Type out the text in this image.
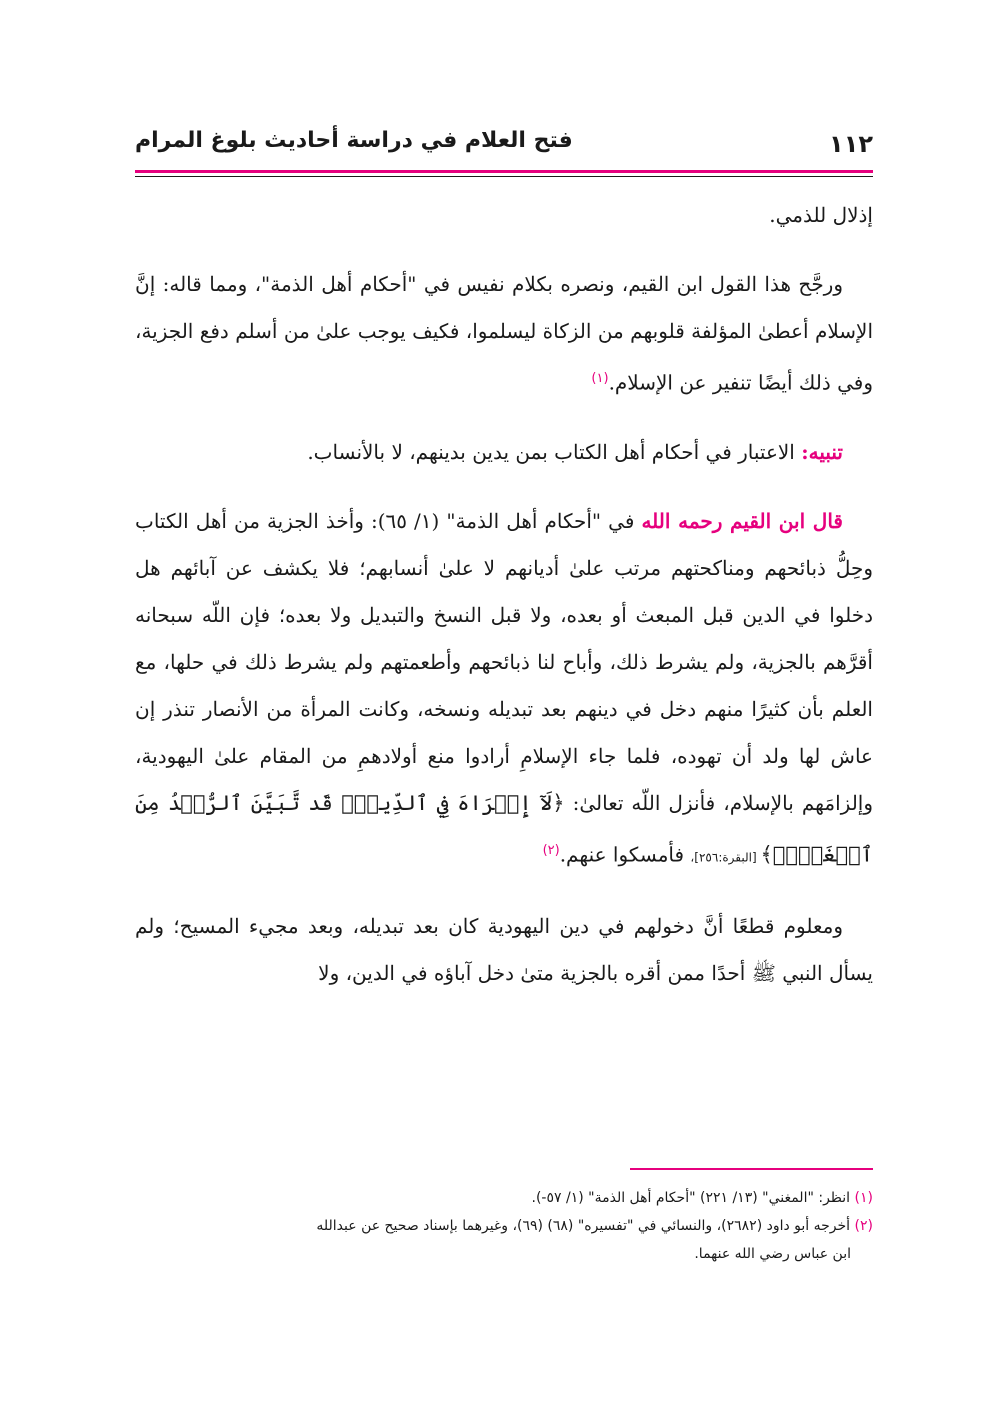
١١٢
فتح العلام في دراسة أحاديث بلوغ المرام

إذلال للذمي.

ورجَّح هذا القول ابن القيم، ونصره بكلام نفيس في "أحكام أهل الذمة"، ومما قاله: إنَّ الإسلام أعطىٰ المؤلفة قلوبهم من الزكاة ليسلموا، فكيف يوجب علىٰ من أسلم دفع الجزية، وفي ذلك أيضًا تنفير عن الإسلام.$^{(١)}$

تنبيه: الاعتبار في أحكام أهل الكتاب بمن يدين بدينهم، لا بالأنساب.

قال ابن القيم رحمه الله في "أحكام أهل الذمة" (١/ ٦٥): وأخذ الجزية من أهل الكتاب وحِلُّ ذبائحهم ومناكحتهم مرتب علىٰ أديانهم لا علىٰ أنسابهم؛ فلا يكشف عن آبائهم هل دخلوا في الدين قبل المبعث أو بعده، ولا قبل النسخ والتبديل ولا بعده؛ فإن اللّه سبحانه أقرَّهم بالجزية، ولم يشرط ذلك، وأباح لنا ذبائحهم وأطعمتهم ولم يشرط ذلك في حلها، مع العلم بأن كثيرًا منهم دخل في دينهم بعد تبديله ونسخه، وكانت المرأة من الأنصار تنذر إن عاش لها ولد أن تهوده، فلما جاء الإسلامِ أرادوا منع أولادهمِ من المقام علىٰ اليهودية، وإلزامَهم بالإسلام، فأنزل اللّه تعالىٰ: ﴿لَآ إِكۡرَاهَ فِي ٱلدِّينِۖ قَد تَّبَيَّنَ ٱلرُّشۡدُ مِنَ ٱلۡغَيِّۚ﴾ [البقرة:٢٥٦]، فأمسكوا عنهم.$^{(٢)}$

ومعلوم قطعًا أنَّ دخولهم في دين اليهودية كان بعد تبديله، وبعد مجيء المسيح؛ ولم يسأل النبي ﷺ أحدًا ممن أقره بالجزية متىٰ دخل آباؤه في الدين، ولا

(١) انظر: "المغني" (١٣/ ٢٢١) "أحكام أهل الذمة" (١/ ٥٧-).

(٢) أخرجه أبو داود (٢٦٨٢)، والنسائي في "تفسيره" (٦٨) (٦٩)، وغيرهما بإسناد صحيح عن عبدالله

ابن عباس رضي الله عنهما.
